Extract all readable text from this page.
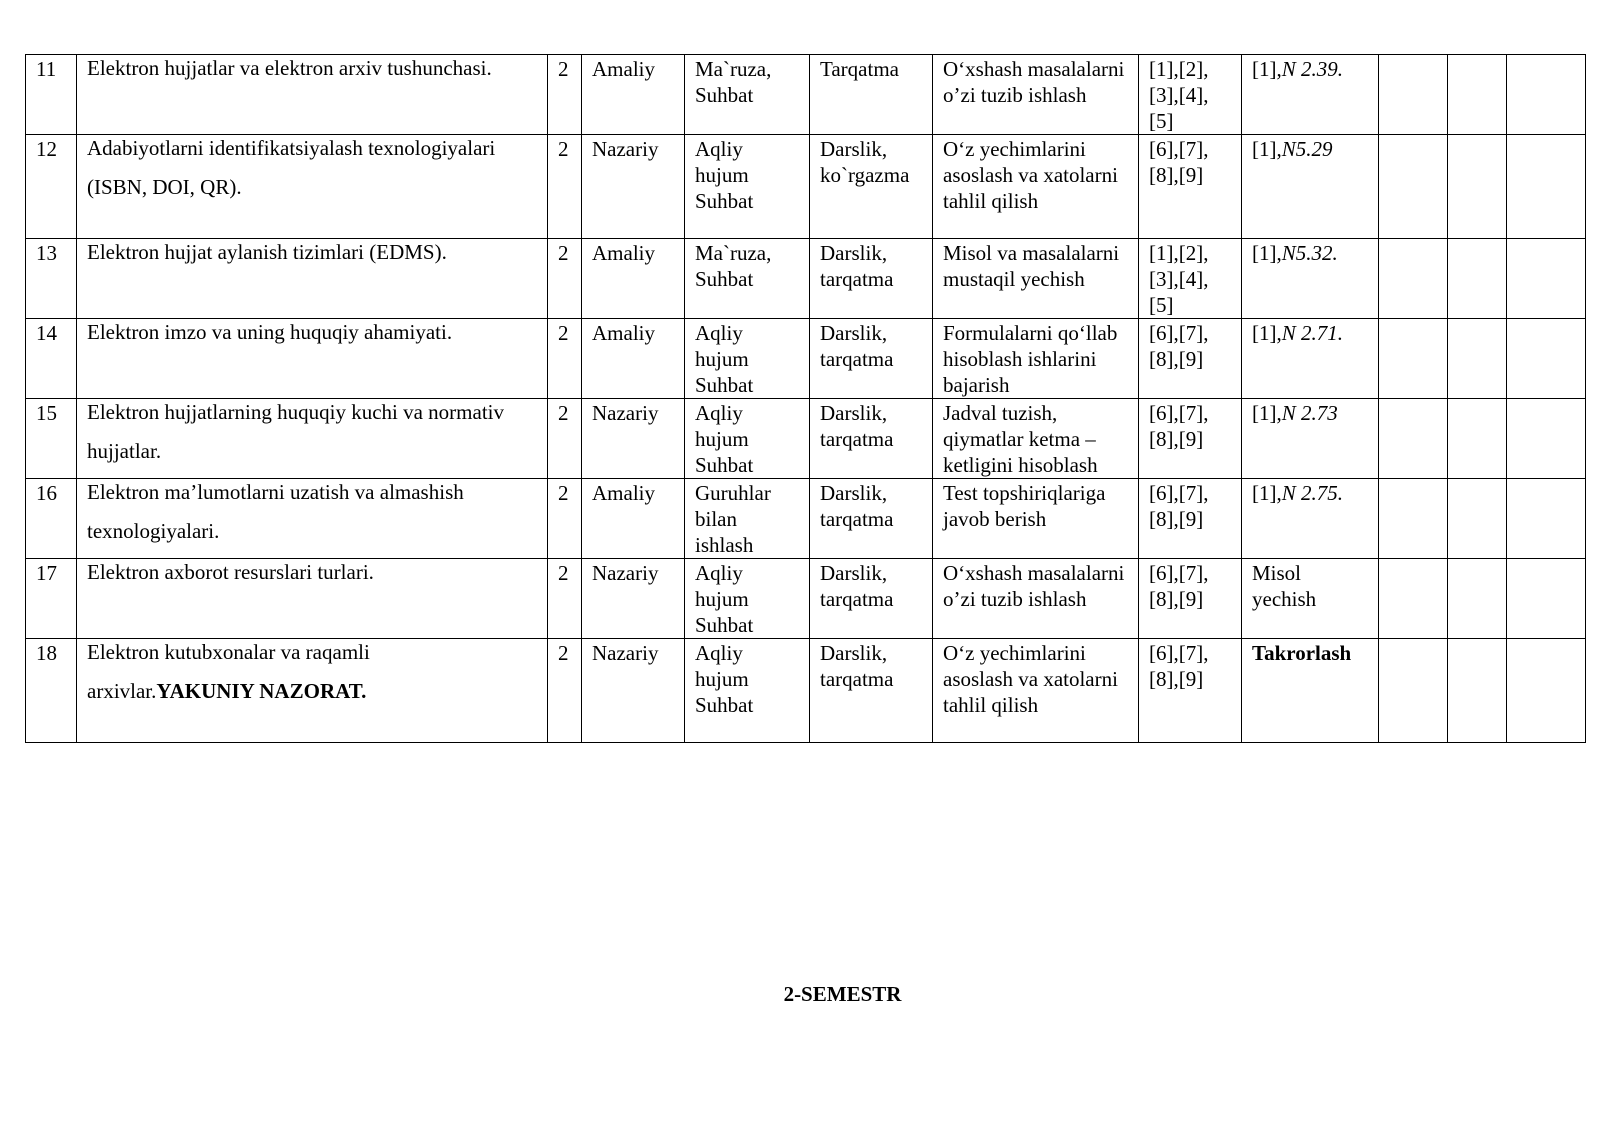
11	Elektron hujjatlar va elektron arxiv tushunchasi.	2	Amaliy	Ma`ruza, Suhbat	Tarqatma	O‘xshash masalalarni o’zi tuzib ishlash	[1],[2], [3],[4], [5]	[1],N 2.39.			
12	Adabiyotlarni identifikatsiyalash texnologiyalari (ISBN, DOI, QR).	2	Nazariy	Aqliy hujum Suhbat	Darslik, ko`rgazma	O‘z yechimlarini asoslash va xatolarni tahlil qilish	[6],[7], [8],[9]	[1],N5.29			
13	Elektron hujjat aylanish tizimlari (EDMS).	2	Amaliy	Ma`ruza, Suhbat	Darslik, tarqatma	Misol va masalalarni mustaqil yechish	[1],[2], [3],[4], [5]	[1],N5.32.			
14	Elektron imzo va uning huquqiy ahamiyati.	2	Amaliy	Aqliy hujum Suhbat	Darslik, tarqatma	Formulalarni qo‘llab hisoblash ishlarini bajarish	[6],[7], [8],[9]	[1],N 2.71.			
15	Elektron hujjatlarning huquqiy kuchi va normativ hujjatlar.	2	Nazariy	Aqliy hujum Suhbat	Darslik, tarqatma	Jadval tuzish, qiymatlar ketma – ketligini hisoblash	[6],[7], [8],[9]	[1],N 2.73			
16	Elektron ma’lumotlarni uzatish va almashish texnologiyalari.	2	Amaliy	Guruhlar bilan ishlash	Darslik, tarqatma	Test topshiriqlariga javob berish	[6],[7], [8],[9]	[1],N 2.75.			
17	Elektron axborot resurslari turlari.	2	Nazariy	Aqliy hujum Suhbat	Darslik, tarqatma	O‘xshash masalalarni o’zi tuzib ishlash	[6],[7], [8],[9]	Misol yechish			
18	Elektron kutubxonalar va raqamli arxivlar.YAKUNIY NAZORAT.	2	Nazariy	Aqliy hujum Suhbat	Darslik, tarqatma	O‘z yechimlarini asoslash va xatolarni tahlil qilish	[6],[7], [8],[9]	Takrorlash			
2-SEMESTR
